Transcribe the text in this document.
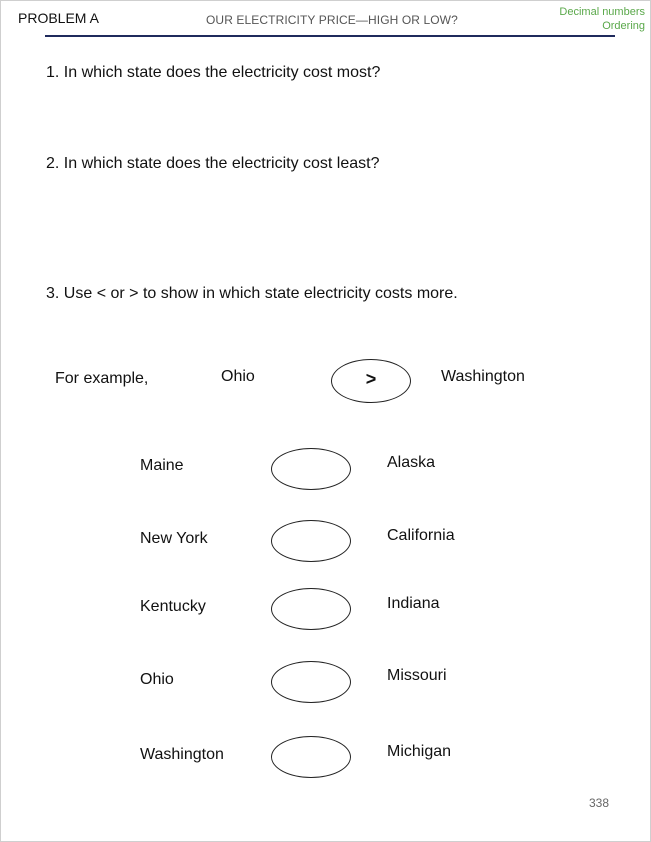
PROBLEM A	OUR ELECTRICITY PRICE—HIGH OR LOW?
Decimal numbers
Ordering
1. In which state does the electricity cost most?
2. In which state does the electricity cost least?
3. Use < or > to show in which state electricity costs more.
For example,	Ohio	>	Washington
Maine	Alaska
New York	California
Kentucky	Indiana
Ohio	Missouri
Washington	Michigan
338
